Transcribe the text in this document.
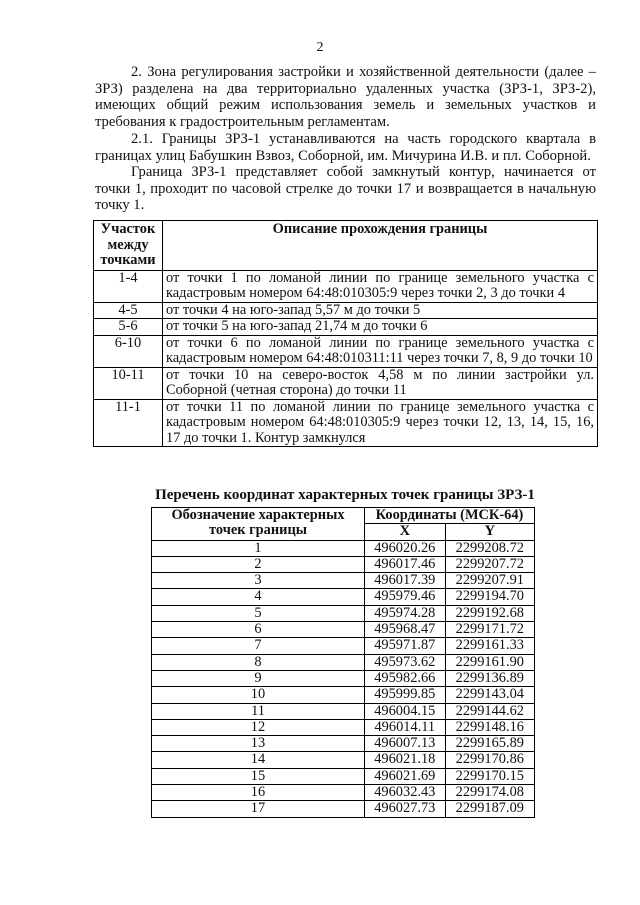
2

2. Зона регулирования застройки и хозяйственной деятельности (далее – ЗРЗ) разделена на два территориально удаленных участка (ЗРЗ-1, ЗРЗ-2), имеющих общий режим использования земель и земельных участков и требования к градостроительным регламентам.

2.1. Границы ЗРЗ-1 устанавливаются на часть городского квартала в границах улиц Бабушкин Взвоз, Соборной, им. Мичурина И.В. и пл. Соборной.

Граница ЗРЗ-1 представляет собой замкнутый контур, начинается от точки 1, проходит по часовой стрелке до точки 17 и возвращается в начальную точку 1.

Участок между точками	Описание прохождения границы
1-4	от точки 1 по ломаной линии по границе земельного участка с кадастровым номером 64:48:010305:9 через точки 2, 3 до точки 4
4-5	от точки 4 на юго-запад 5,57 м до точки 5
5-6	от точки 5 на юго-запад 21,74 м до точки 6
6-10	от точки 6 по ломаной линии по границе земельного участка с кадастровым номером 64:48:010311:11 через точки 7, 8, 9 до точки 10
10-11	от точки 10 на северо-восток 4,58 м по линии застройки ул. Соборной (четная сторона) до точки 11
11-1	от точки 11 по ломаной линии по границе земельного участка с кадастровым номером 64:48:010305:9 через точки 12, 13, 14, 15, 16, 17 до точки 1. Контур замкнулся
Перечень координат характерных точек границы ЗРЗ-1
Обозначение характерных точек границы	Координаты (МСК-64)	
	X	Y
1	496020.26	2299208.72
2	496017.46	2299207.72
3	496017.39	2299207.91
4	495979.46	2299194.70
5	495974.28	2299192.68
6	495968.47	2299171.72
7	495971.87	2299161.33
8	495973.62	2299161.90
9	495982.66	2299136.89
10	495999.85	2299143.04
11	496004.15	2299144.62
12	496014.11	2299148.16
13	496007.13	2299165.89
14	496021.18	2299170.86
15	496021.69	2299170.15
16	496032.43	2299174.08
17	496027.73	2299187.09
